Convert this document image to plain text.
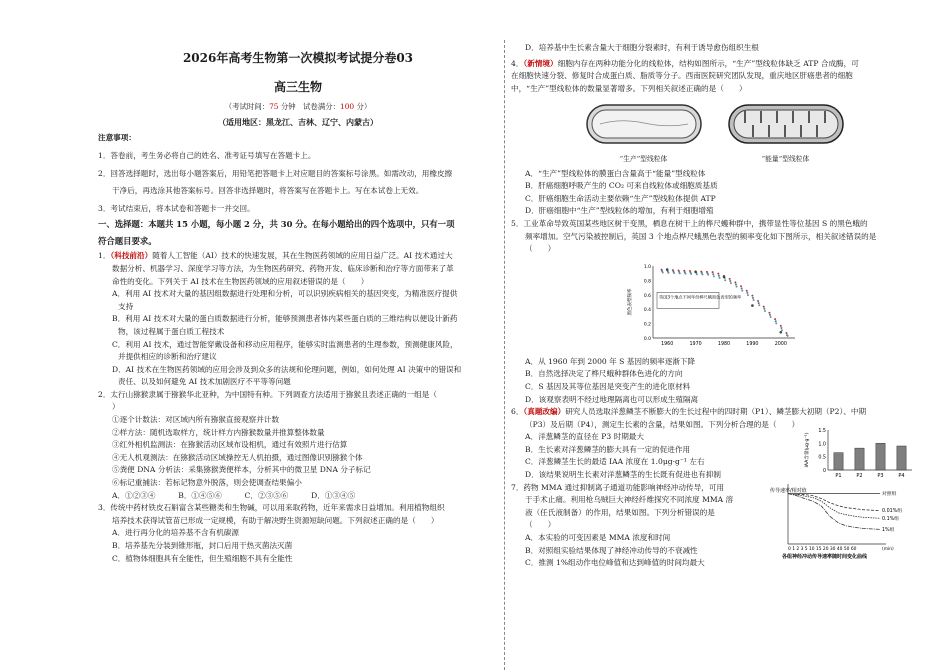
2026年高考生物第一次模拟考试提分卷03
高三生物
（考试时间：75 分钟　试卷满分：100 分）
（适用地区：黑龙江、吉林、辽宁、内蒙古）
注意事项：

1．答卷前，考生务必将自己的姓名、准考证号填写在答题卡上。

2．回答选择题时，选出每小题答案后，用铅笔把答题卡上对应题目的答案标号涂黑。如需改动，用橡皮擦

干净后，再选涂其他答案标号。回答非选择题时，将答案写在答题卡上。写在本试卷上无效。

3．考试结束后，将本试卷和答题卡一并交回。

一、选择题：本题共 15 小题，每小题 2 分，共 30 分。在每小题给出的四个选项中，只有一项
符合题目要求。

1．（科技前沿）随着人工智能（AI）技术的快速发展，其在生物医药领域的应用日益广泛。AI 技术通过大

数据分析、机器学习、深度学习等方法，为生物医药研究、药物开发、临床诊断和治疗等方面带来了革

命性的变化。下列关于 AI 技术在生物医药领域的应用叙述错误的是（　　）

A．利用 AI 技术对大量的基因组数据进行处理和分析，可以识别疾病相关的基因突变，为精准医疗提供

支持

B．利用 AI 技术对大量的蛋白质数据进行分析，能够预测患者体内某些蛋白质的三维结构以便设计新药

物，该过程属于蛋白质工程技术

C．利用 AI 技术，通过智能穿戴设备和移动应用程序，能够实时监测患者的生理参数，预测健康风险，

并提供相应的诊断和治疗建议

D．AI 技术在生物医药领域的应用会涉及到众多的法规和伦理问题，例如，如何处理 AI 决策中的错误和

责任、以及如何避免 AI 技术加剧医疗不平等等问题

2．太行山猕猴隶属于猕猴华北亚种，为中国特有种。下列调查方法适用于猕猴且表述正确的一组是（

）

①逐个计数法：对区域内所有猕猴直接观察并计数

②样方法：随机选取样方，统计样方内猕猴数量并推算整体数量

③红外相机监测法：在猕猴活动区域布设相机，通过有效照片进行估算

④无人机观测法：在猕猴活动区域操控无人机拍摄，通过图像识别猕猴个体

⑤粪便 DNA 分析法：采集猕猴粪便样本，分析其中的微卫星 DNA 分子标记

⑥标记重捕法：若标记物意外脱落，则会使调查结果偏小

A．①②③④　　　B．①④⑤⑥　　　C．②③⑤⑥　　　D．①③④⑤

3．传统中药材铁皮石斛富含某些糖类和生物碱，可以用来取药物，近年来需求日益增加。利用植物组织

培养技术获得试管苗已形成一定规模，有助于解决野生资源短缺问题。下列叙述正确的是（　　）

A．进行再分化的培养基不含有机碳源

B．培养基先分装到锥形瓶，封口后用干热灭菌法灭菌

C．植物体细胞具有全能性，但生殖细胞不具有全能性

D．培养基中生长素含量大于细胞分裂素时，有利于诱导愈伤组织生根

4．（新情境）细胞内存在两种功能分化的线粒体，结构如图所示，“生产”型线粒体缺乏 ATP 合成酶，可

在细胞快速分裂、修复时合成蛋白质、脂质等分子。西南医院研究团队发现，重庆地区肝癌患者的细胞

中，“生产”型线粒体的数量显著增多。下列相关叙述正确的是（　　）

“生产”型线粒体	“能量”型线粒体

A．“生产”型线粒体的膜蛋白含量高于“能量”型线粒体

B．肝癌细胞呼吸产生的 CO₂ 可来自线粒体或细胞质基质

C．肝癌细胞生命活动主要依赖“生产”型线粒体提供 ATP

D．肝癌细胞中“生产”型线粒体的增加，有利于细胞增殖

5．工业革命导致英国某些地区树干变黑，栖息在树干上的桦尺蠖种群中，携带显性等位基因 S 的黑色蛾的

频率增加。空气污染被控制后，英国 3 个地点桦尺蛾黑色表型的频率变化如下图所示，相关叙述错误的是

（　　）

0.0
0.2
0.4
0.6
0.8
1.0
1960	1970	1980	1990	2000
黑色表型频率	英国3个地点不同年份桦尺蛾黑色表型的频率

A．从 1960 年到 2000 年 S 基因的频率逐渐下降

B．自然选择决定了桦尺蛾种群体色进化的方向

C．S 基因及其等位基因是突变产生的进化原材料

D．该观察表明不经过地理隔离也可以形成生殖隔离

6．（真题改编）研究人员选取洋葱鳞茎不断膨大的生长过程中的四时期（P1）、鳞茎膨大初期（P2）、中期

（P3）及后期（P4），测定生长素的含量，结果如图。下列分析合理的是（　　）

A．洋葱鳞茎的直径在 P3 时期最大

B．生长素对洋葱鳞茎的膨大具有一定的促进作用

C．洋葱鳞茎生长的最适 IAA 浓度在 1.0μg·g⁻¹ 左右

D．该结果说明生长素对洋葱鳞茎的生长既有促进也有抑制	0
0.5
1.0
1.5
IAA含量(μg·g⁻¹)
P1	P2	P3	P4

7．药物 MMA 通过抑制离子通道功能影响神经冲动传导，可用

于手术止痛。利用枪乌贼巨大神经纤维探究不同浓度 MMA 溶

液（任氏液制备）的作用，结果如图。下列分析错误的是

（　　）

A．本实验的可变因素是 MMA 浓度和时间

B．对照组实验结果体现了神经冲动传导的不衰减性

C．推测 1%组动作电位峰值和达到峰值的时间均最大

传导速率/相对值
0 1 2 3 5 10 15 20 30 40 50 60	(min)
对照组
0.01%组
0.1%组
1%组
各组神经冲动传导速率随时间变化曲线
